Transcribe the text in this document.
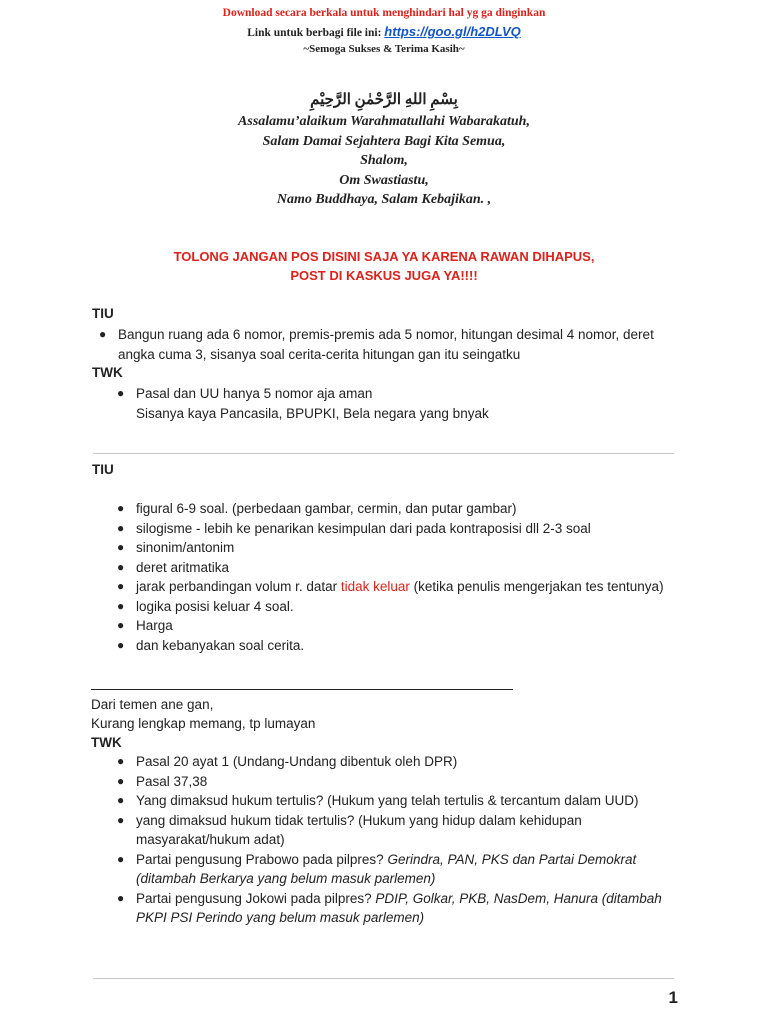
Download secara berkala untuk menghindari hal yg ga dinginkan
Link untuk berbagi file ini: https://goo.gl/h2DLVQ
~Semoga Sukses & Terima Kasih~
بِسْمِ اللهِ الرَّحْمٰنِ الرَّحِيْمِ
Assalamu’alaikum Warahmatullahi Wabarakatuh,
Salam Damai Sejahtera Bagi Kita Semua,
Shalom,
Om Swastiastu,
Namo Buddhaya, Salam Kebajikan. ,
TOLONG JANGAN POS DISINI SAJA YA KARENA RAWAN DIHAPUS,
POST DI KASKUS JUGA YA!!!!
TIU
● Bangun ruang ada 6 nomor, premis-premis ada 5 nomor, hitungan desimal 4 nomor, deret angka cuma 3, sisanya soal cerita-cerita hitungan gan itu seingatku
TWK
● Pasal dan UU hanya 5 nomor aja aman
Sisanya kaya Pancasila, BPUPKI, Bela negara yang bnyak
TIU
● figural 6-9 soal. (perbedaan gambar, cermin, dan putar gambar)
● silogisme - lebih ke penarikan kesimpulan dari pada kontraposisi dll 2-3 soal
● sinonim/antonim
● deret aritmatika
● jarak perbandingan volum r. datar tidak keluar (ketika penulis mengerjakan tes tentunya)
● logika posisi keluar 4 soal.
● Harga
● dan kebanyakan soal cerita.
Dari temen ane gan,
Kurang lengkap memang, tp lumayan
TWK
● Pasal 20 ayat 1 (Undang-Undang dibentuk oleh DPR)
● Pasal 37,38
● Yang dimaksud hukum tertulis? (Hukum yang telah tertulis & tercantum dalam UUD)
● yang dimaksud hukum tidak tertulis? (Hukum yang hidup dalam kehidupan masyarakat/hukum adat)
● Partai pengusung Prabowo pada pilpres? Gerindra, PAN, PKS dan Partai Demokrat (ditambah Berkarya yang belum masuk parlemen)
● Partai pengusung Jokowi pada pilpres? PDIP, Golkar, PKB, NasDem, Hanura (ditambah PKPI PSI Perindo yang belum masuk parlemen)
1
